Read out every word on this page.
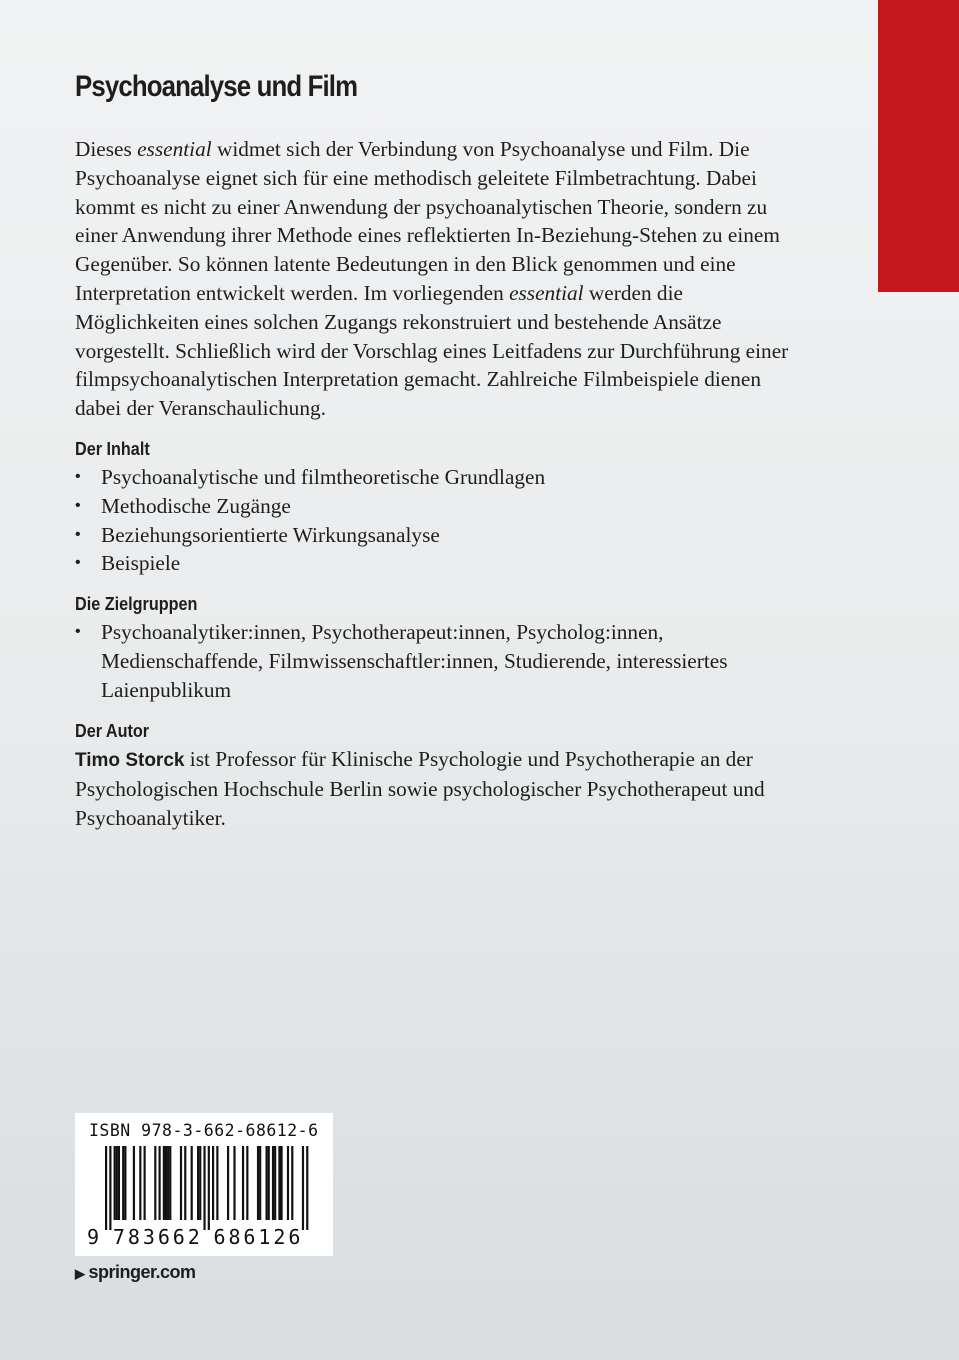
Psychoanalyse und Film

Dieses essential widmet sich der Verbindung von Psychoanalyse und Film. Die Psychoanalyse eignet sich für eine methodisch geleitete Filmbetrachtung. Dabei kommt es nicht zu einer Anwendung der psychoanalytischen Theorie, sondern zu einer Anwendung ihrer Methode eines reflektierten In-Beziehung-Stehen zu einem Gegenüber. So können latente Bedeutungen in den Blick genommen und eine Interpretation entwickelt werden. Im vorliegenden essential werden die Möglichkeiten eines solchen Zugangs rekonstruiert und bestehende Ansätze vorgestellt. Schließlich wird der Vorschlag eines Leitfadens zur Durchführung einer filmpsychoanalytischen Interpretation gemacht. Zahlreiche Filmbeispiele dienen dabei der Veranschaulichung.

Der Inhalt
• Psychoanalytische und filmtheoretische Grundlagen
• Methodische Zugänge
• Beziehungsorientierte Wirkungsanalyse
• Beispiele
Die Zielgruppen
• Psychoanalytiker:innen, Psychotherapeut:innen, Psycholog:innen, Medienschaffende, Filmwissenschaftler:innen, Studierende, interessiertes Laienpublikum
Der Autor

Timo Storck ist Professor für Klinische Psychologie und Psychotherapie an der Psychologischen Hochschule Berlin sowie psychologischer Psychotherapeut und Psychoanalytiker.

ISBN 978-3-662-68612-6
9 7 8 3 6 6 2 6 8 6 1 2 6
▶ springer.com
